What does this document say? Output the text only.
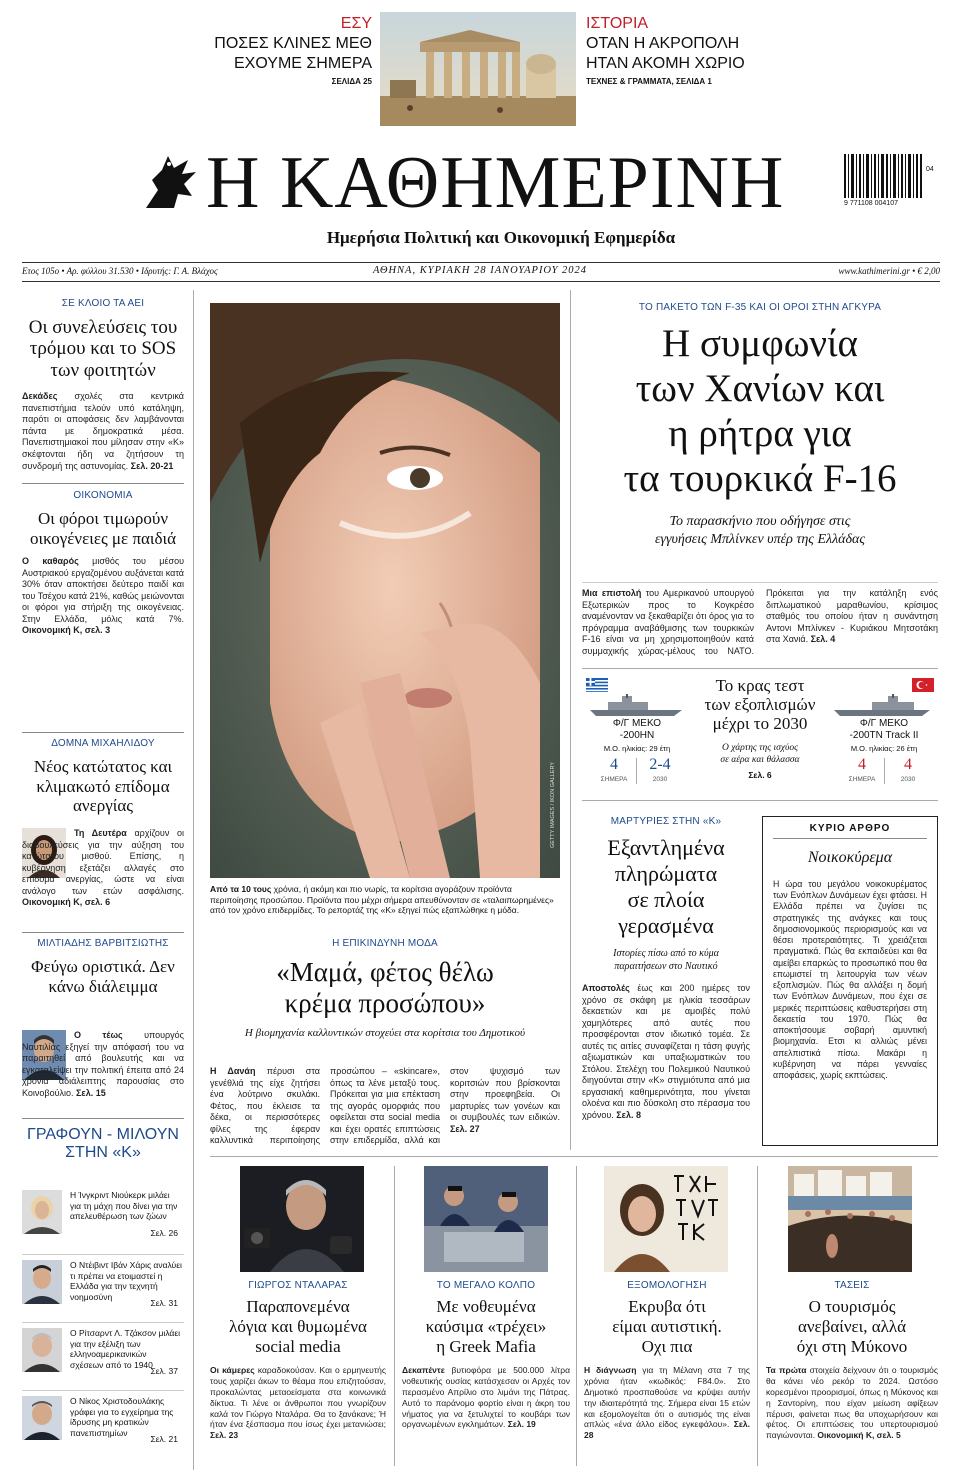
ΕΣΥ
ΠΟΣΕΣ ΚΛΙΝΕΣ ΜΕΘ
ΕΧΟΥΜΕ ΣΗΜΕΡΑ
ΣΕΛΙΔΑ 25
ΙΣΤΟΡΙΑ
ΟΤΑΝ Η ΑΚΡΟΠΟΛΗ
ΗΤΑΝ ΑΚΟΜΗ ΧΩΡΙΟ
ΤΕΧΝΕΣ & ΓΡΑΜΜΑΤΑ, ΣΕΛΙΔΑ 1
Η ΚΑΘΗΜΕΡΙΝΗ
Ημερήσια Πολιτική και Οικονομική Εφημερίδα
04
9 771108 004107
Ετος 105ο • Αρ. φύλλου 31.530 • Ιδρυτής: Γ. Α. Βλάχος	ΑΘΗΝΑ, ΚΥΡΙΑΚΗ 28 ΙΑΝΟΥΑΡΙΟΥ 2024	www.kathimerini.gr • € 2,00
ΣΕ ΚΛΟΙΟ ΤΑ ΑΕΙ
Οι συνελεύσεις του τρόμου και το SOS των φοιτητών

Δεκάδες σχολές στα κεντρικά πανεπιστήμια τελούν υπό κατάληψη, παρότι οι αποφάσεις δεν λαμβάνονται πάντα με δημοκρατικά μέσα. Πανεπιστημιακοί που μίλησαν στην «Κ» σκέφτονται ήδη να ζητήσουν τη συνδρομή της αστυνομίας. Σελ. 20-21

ΟΙΚΟΝΟΜΙΑ
Οι φόροι τιμωρούν οικογένειες με παιδιά

Ο καθαρός μισθός του μέσου Αυστριακού εργαζομένου αυξάνεται κατά 30% όταν αποκτήσει δεύτερο παιδί και του Τσέχου κατά 21%, καθώς μειώνονται οι φόροι για στήριξη της οικογένειας. Στην Ελλάδα, μόλις κατά 7%. Οικονομική Κ, σελ. 3

ΔΟΜΝΑ ΜΙΧΑΗΛΙΔΟΥ
Νέος κατώτατος και κλιμακωτό επίδομα ανεργίας

Τη Δευτέρα αρχίζουν οι διαβουλεύσεις για την αύξηση του κατώτατου μισθού. Επίσης, η κυβέρνηση εξετάζει αλλαγές στο επίδομα ανεργίας, ώστε να είναι ανάλογο των ετών ασφάλισης. Οικονομική Κ, σελ. 6

ΜΙΛΤΙΑΔΗΣ ΒΑΡΒΙΤΣΙΩΤΗΣ
Φεύγω οριστικά. Δεν κάνω διάλειμμα

Ο τέως υπουργός Ναυτιλίας εξηγεί την απόφασή του να παραιτηθεί από βουλευτής και να εγκαταλείψει την πολιτική έπειτα από 24 χρόνια αδιάλειπτης παρουσίας στο Κοινοβούλιο. Σελ. 15

ΓΡΑΦΟΥΝ - ΜΙΛΟΥΝ
ΣΤΗΝ «Κ»
Η Ίνγκριντ Νιούκερκ μιλάει για τη μάχη που δίνει για την απελευθέρωση των ζώων
Σελ. 26
Ο Ντέιβιντ Ιβάν Χάρις αναλύει τι πρέπει να ετοιμαστεί η Ελλάδα για την τεχνητή νοημοσύνη
Σελ. 31
Ο Ρίτσαρντ Λ. Τζάκσον μιλάει για την εξέλιξη των ελληνοαμερικανικών σχέσεων από το 1940
Σελ. 37
Ο Νίκος Χριστοδουλάκης γράφει για το εγχείρημα της ίδρυσης μη κρατικών πανεπιστημίων
Σελ. 21
GETTY IMAGES / IKON GALLERY

Από τα 10 τους χρόνια, ή ακόμη και πιο νωρίς, τα κορίτσια αγοράζουν προϊόντα περιποίησης προσώπου. Προϊόντα που μέχρι σήμερα απευθύνονταν σε «ταλαιπωρημένες» από τον χρόνο επιδερμίδες. Το ρεπορτάζ της «Κ» εξηγεί πώς εξαπλώθηκε η μόδα.

Η ΕΠΙΚΙΝΔΥΝΗ ΜΟΔΑ
«Μαμά, φέτος θέλω
κρέμα προσώπου»
Η βιομηχανία καλλυντικών στοχεύει στα κορίτσια του Δημοτικού

Η Δανάη πέρυσι στα γενέθλιά της είχε ζητήσει ένα λούτρινο σκυλάκι. Φέτος, που έκλεισε τα δέκα, οι περισσότερες φίλες της έφεραν καλλυντικά περιποίησης προσώπου – «skincare», όπως τα λένε μεταξύ τους. Πρόκειται για μια επέκταση της αγοράς ομορφιάς που οφείλεται στα social media και έχει ορατές επιπτώσεις στην επιδερμίδα, αλλά και στον ψυχισμό των κοριτσιών που βρίσκονται στην προεφηβεία. Οι μαρτυρίες των γονέων και οι συμβουλές των ειδικών. Σελ. 27

ΤΟ ΠΑΚΕΤΟ ΤΩΝ F-35 ΚΑΙ ΟΙ ΟΡΟΙ ΣΤΗΝ ΑΓΚΥΡΑ
Η συμφωνία
των Χανίων και
η ρήτρα για
τα τουρκικά F-16
Το παρασκήνιο που οδήγησε στις
εγγυήσεις Μπλίνκεν υπέρ της Ελλάδας

Μια επιστολή του Αμερικανού υπουργού Εξωτερικών προς το Κογκρέσο αναμένονταν να ξεκαθαρίζει ότι όρος για το πρόγραμμα αναβάθμισης των τουρκικών F-16 είναι να μη χρησιμοποιηθούν κατά συμμαχικής χώρας-μέλους του ΝΑΤΟ. Πρόκειται για την κατάληξη ενός διπλωματικού μαραθωνίου, κρίσιμος σταθμός του οποίου ήταν η συνάντηση Αντονι Μπλίνκεν - Κυριάκου Μητσοτάκη στα Χανιά. Σελ. 4

Φ/Γ ΜΕΚΟ
-200HN
Μ.Ο. ηλικίας: 29 έτη
4	2-4
ΣΗΜΕΡΑ	2030
Το κρας τεστ
των εξοπλισμών
μέχρι το 2030
Ο χάρτης της ισχύος
σε αέρα και θάλασσα
Σελ. 6
Φ/Γ ΜΕΚΟ
-200TN Track II
Μ.Ο. ηλικίας: 26 έτη
4	4
ΣΗΜΕΡΑ	2030
ΜΑΡΤΥΡΙΕΣ ΣΤΗΝ «Κ»
Εξαντλημένα
πληρώματα
σε πλοία
γερασμένα
Ιστορίες πίσω από το κύμα
παραιτήσεων στο Ναυτικό

Αποστολές έως και 200 ημέρες τον χρόνο σε σκάφη με ηλικία τεσσάρων δεκαετιών και με αμοιβές πολύ χαμηλότερες από αυτές που προσφέρονται στον ιδιωτικό τομέα. Σε αυτές τις αιτίες συναφίζεται η τάση φυγής αξιωματικών και υπαξιωματικών του Στόλου. Στελέχη του Πολεμικού Ναυτικού διηγούνται στην «Κ» στιγμιότυπα από μια εργασιακή καθημερινότητα, που γίνεται ολοένα και πιο δύσκολη στο πέρασμα του χρόνου. Σελ. 8

ΚΥΡΙΟ ΑΡΘΡΟ
Νοικοκύρεμα

Η ώρα του μεγάλου νοικοκυρέματος των Ενόπλων Δυνάμεων έχει φτάσει. Η Ελλάδα πρέπει να ζυγίσει τις στρατηγικές της ανάγκες και τους δημοσιονομικούς περιορισμούς και να θέσει προτεραιότητες. Τι χρειάζεται πραγματικά. Πώς θα εκπαιδεύει και θα αμείβει επαρκώς το προσωπικό που θα επωμιστεί τη λειτουργία των νέων εξοπλισμών. Πώς θα αλλάξει η δομή των Ενόπλων Δυνάμεων, που έχει σε μερικές περιπτώσεις καθυστερήσει στη δεκαετία του 1970. Πώς θα αποκτήσουμε σοβαρή αμυντική βιομηχανία. Ετσι κι αλλιώς μένει απελπιστικά πίσω. Μακάρι η κυβέρνηση να πάρει γενναίες αποφάσεις, χωρίς εκπτώσεις.

ΓΙΩΡΓΟΣ ΝΤΑΛΑΡΑΣ
Παραπονεμένα
λόγια και θυμωμένα
social media

Οι κάμερες καραδοκούσαν. Και ο ερμηνευτής τους χαρίζει άκων το θέαμα που επιζητούσαν, προκαλώντας μεταοείσματα στα κοινωνικά δίκτυα. Τι λένε οι άνθρωποι που γνωρίζουν καλά τον Γιώργο Νταλάρα. Θα το ξανάκανε; Ή ήταν ένα ξέσπασμα που ίσως έχει μετανιώσει; Σελ. 23

ΤΟ ΜΕΓΑΛΟ ΚΟΛΠΟ
Με νοθευμένα
καύσιμα «τρέχει»
η Greek Mafia

Δεκαπέντε βυτιοφόρα με 500.000 λίτρα νοθευτικής ουσίας κατάσχεσαν οι Αρχές τον περασμένο Απρίλιο στο λιμάνι της Πάτρας. Αυτό το παράνομο φορτίο είναι η άκρη του νήματος για να ξετυλιχτεί το κουβάρι των οργανωμένων εγκλημάτων. Σελ. 19

ΕΞΟΜΟΛΟΓΗΣΗ
Εκρυβα ότι
είμαι αυτιστική.
Οχι πια

Η διάγνωση για τη Μέλανη στα 7 της χρόνια ήταν «κωδικός: F84.0». Στο Δημοτικό προσπαθούσε να κρύψει αυτήν την ιδιαιτερότητά της. Σήμερα είναι 15 ετών και εξομολογείται ότι ο αυτισμός της είναι απλώς «ένα άλλο είδος εγκεφάλου». Σελ. 28

ΤΑΣΕΙΣ
Ο τουρισμός
ανεβαίνει, αλλά
όχι στη Μύκονο

Τα πρώτα στοιχεία δείχνουν ότι ο τουρισμός θα κάνει νέο ρεκόρ το 2024. Ωστόσο κορεσμένοι προορισμοί, όπως η Μύκονος και η Σαντορίνη, που είχαν μείωση αφίξεων πέρυσι, φαίνεται πως θα υποχωρήσουν και φέτος. Οι επιπτώσεις του υπερτουρισμού παγιώνονται. Οικονομική Κ, σελ. 5
